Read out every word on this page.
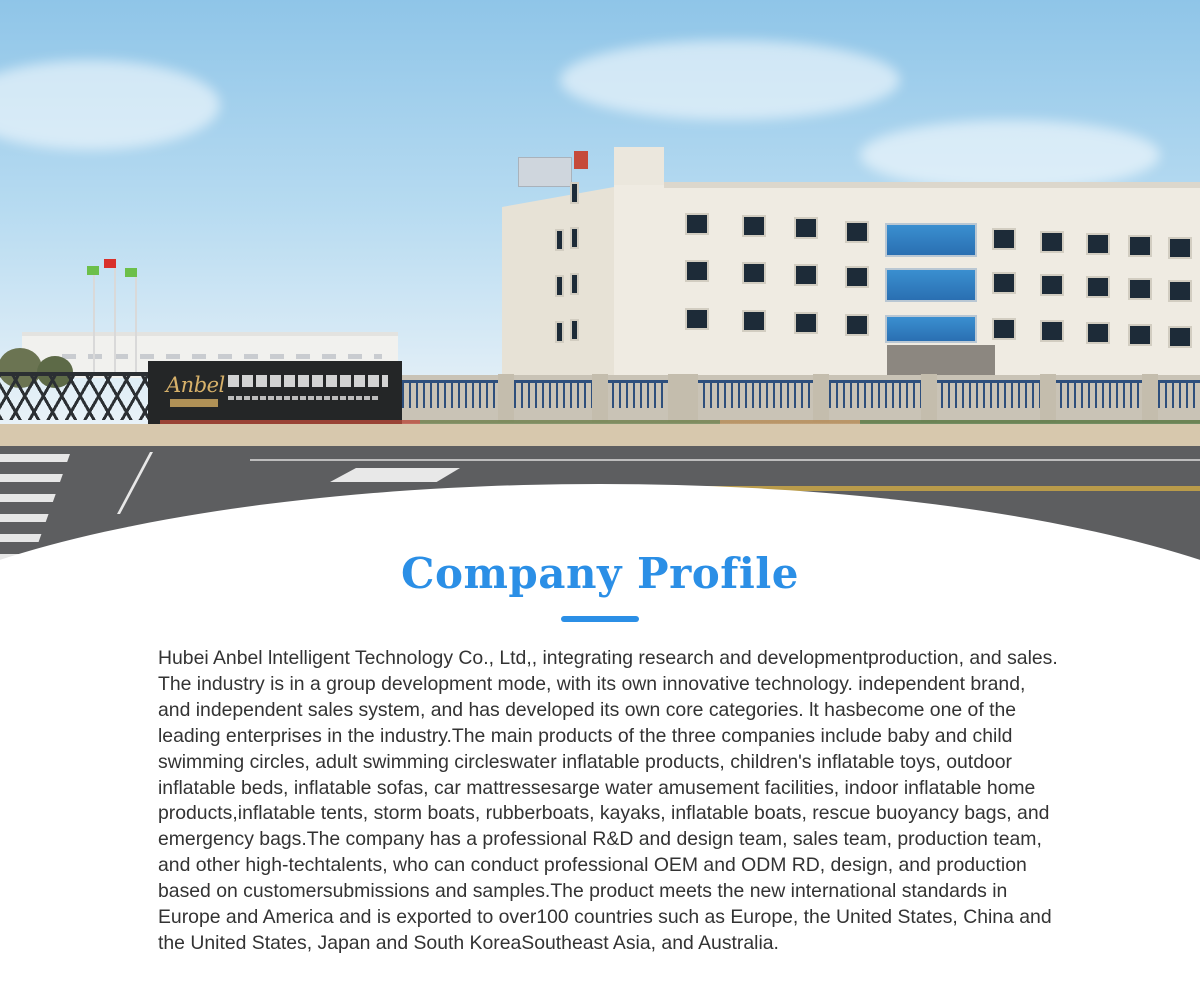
Anbel
Company Profile

Hubei Anbel lntelligent Technology Co., Ltd,, integrating research and developmentproduction, and sales. The industry is in a group development mode, with its own innovative technology. independent brand, and independent sales system, and has developed its own core categories. lt hasbecome one of the leading enterprises in the industry.The main products of the three companies include baby and child swimming circles, adult swimming circleswater inflatable products, children's inflatable toys, outdoor inflatable beds, inflatable sofas, car mattressesarge water amusement facilities, indoor inflatable home products,inflatable tents, storm boats, rubberboats, kayaks, inflatable boats, rescue buoyancy bags, and emergency bags.The company has a professional R&D and design team, sales team, production team, and other high-techtalents, who can conduct professional OEM and ODM RD, design, and production based on customersubmissions and samples.The product meets the new international standards in Europe and America and is exported to over100 countries such as Europe, the United States, China and the United States, Japan and South KoreaSoutheast Asia, and Australia.
